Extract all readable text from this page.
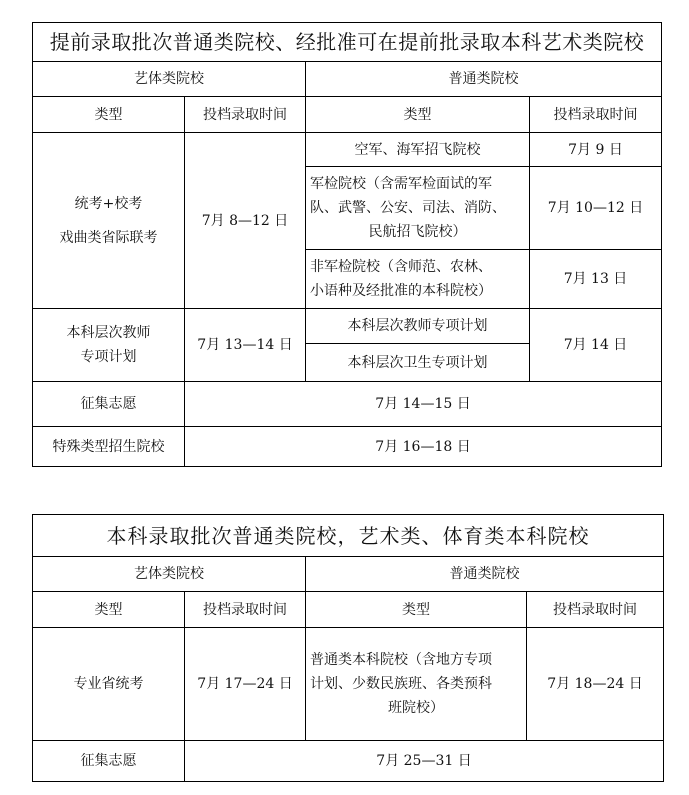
提前录取批次普通类院校、经批准可在提前批录取本科艺术类院校			
艺体类院校		普通类院校	
类型	投档录取时间	类型	投档录取时间

统考+校考
戏曲类省际联考	7月 8—12 日	空军、海军招飞院校	7月 9 日

		军检院校（含需军检面试的军
队、武警、公安、司法、消防、
民航招飞院校）	7月 10—12 日

		非军检院校（含师范、农林、
小语种及经批准的本科院校）	7月 13 日

本科层次教师
专项计划	7月 13—14 日	本科层次教师专项计划	7月 14 日
		本科层次卫生专项计划	
征集志愿	7月 14—15 日		
特殊类型招生院校	7月 16—18 日		
本科录取批次普通类院校，艺术类、体育类本科院校			
艺体类院校		普通类院校	
类型	投档录取时间	类型	投档录取时间
专业省统考	7月 17—24 日	普通类本科院校（含地方专项
计划、少数民族班、各类预科
班院校）	7月 18—24 日
征集志愿	7月 25—31 日		
